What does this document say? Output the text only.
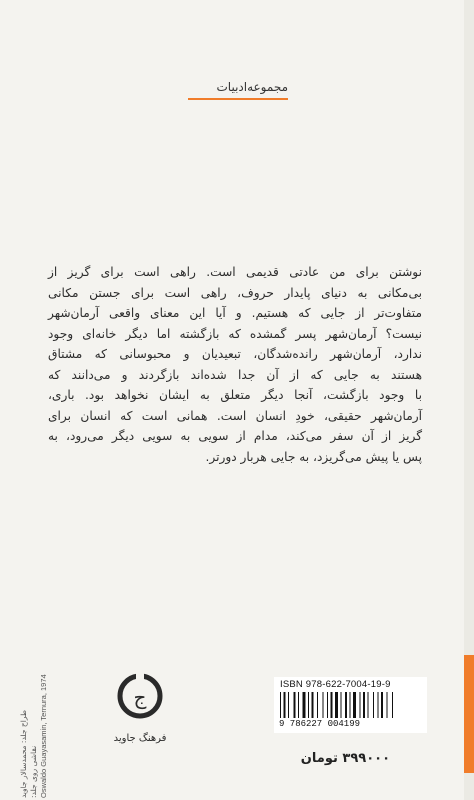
مجموعه‌ادبیات
نوشتن برای من عادتی قدیمی است. راهی است برای گریز از
بی‌مکانی به دنیای پایدار حروف، راهی است برای جستن مکانی
متفاوت‌تر از جایی که هستیم. و آیا این معنای واقعی آرمان‌شهر
نیست؟ آرمان‌شهر پسر گمشده که بازگشته اما دیگر خانه‌ای وجود
ندارد، آرمان‌شهر رانده‌شدگان، تبعیدیان و محبوسانی که مشتاق
هستند به جایی که از آن جدا شده‌اند بازگردند و می‌دانند که
با وجود بازگشت، آنجا دیگر متعلق به ایشان نخواهد بود. باری،
آرمان‌شهر حقیقی، خودِ انسان است. همانی است که انسان برای
گریز از آن سفر می‌کند، مدام از سویی به سویی دیگر می‌رود، به
پس یا پیش می‌گریزد، به جایی هربار دورتر.
طراح جلد: محمدسالار جاوید نقاشی روی جلد: Oswaldo Guayasamin, Ternura, 1974	ج
فرهنگ جاوید
ISBN 978-622-7004-19-9
9 786227 004199
۳۹۹۰۰۰ تومان
